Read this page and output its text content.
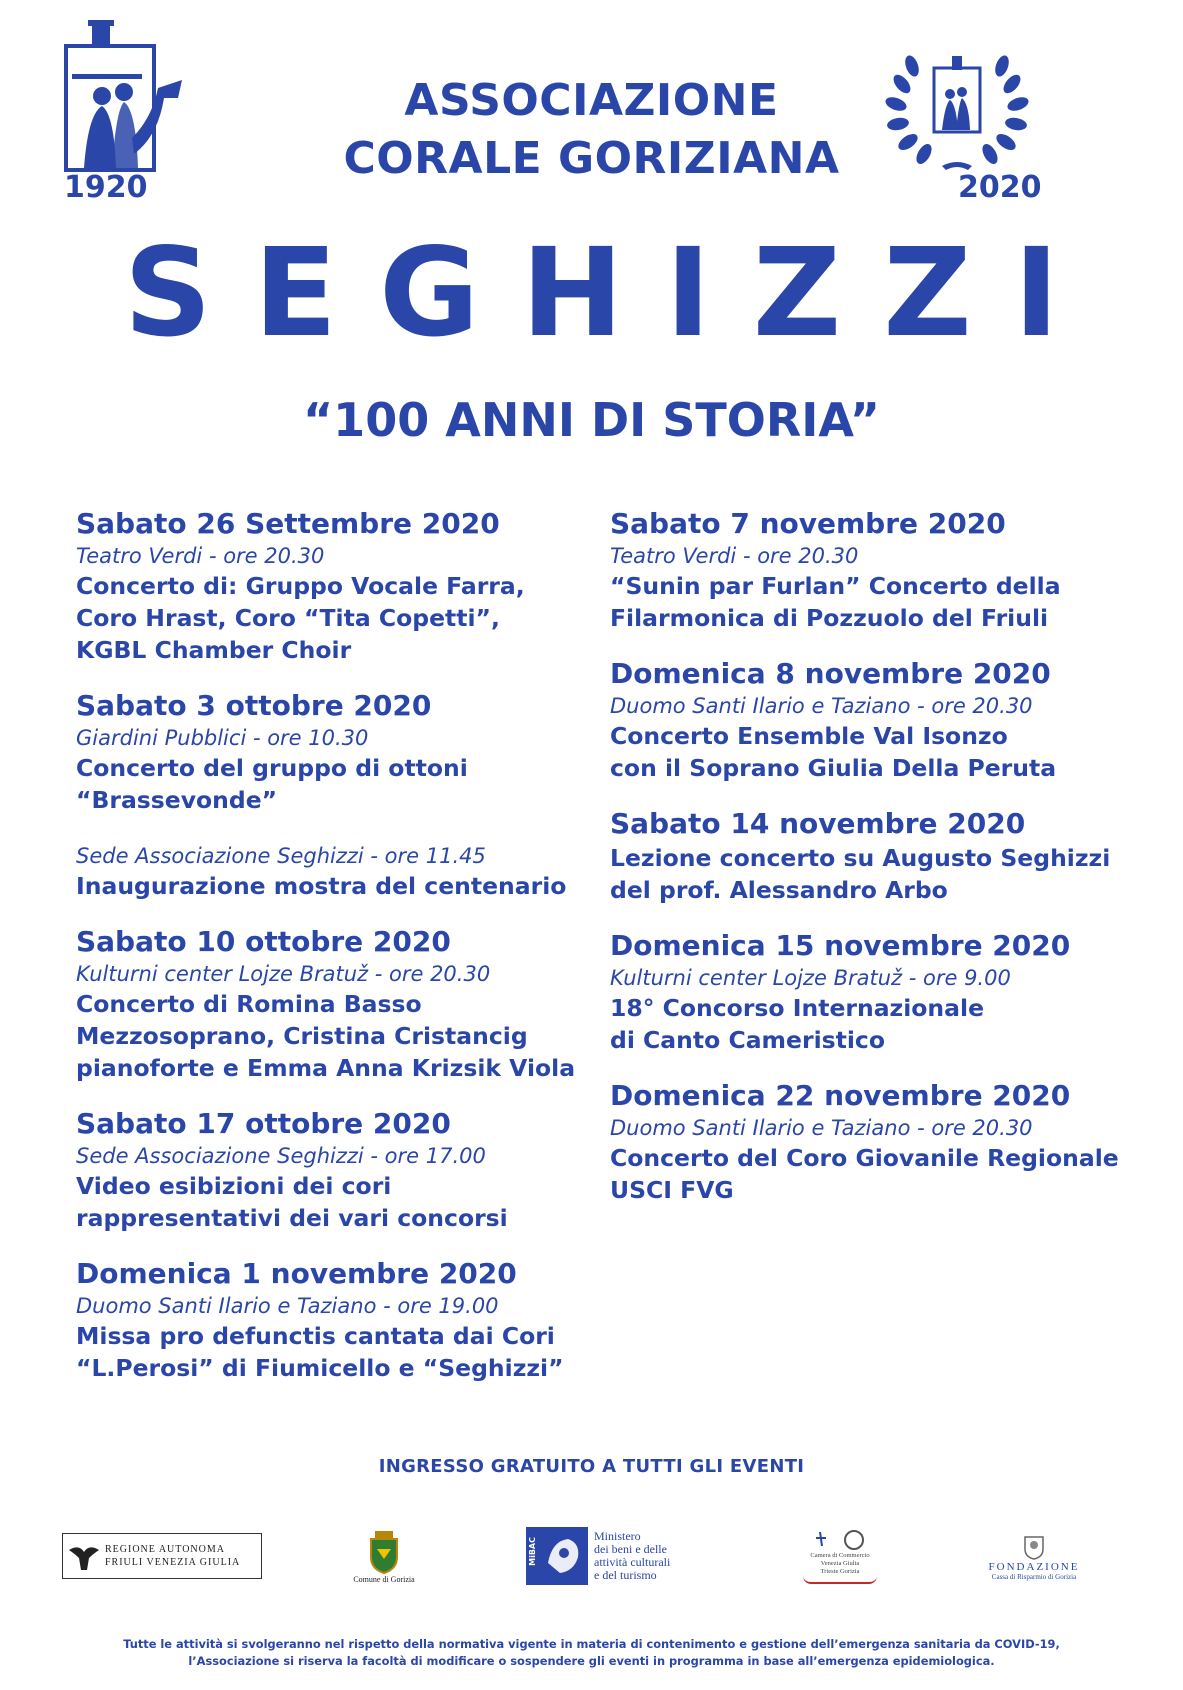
1920	2020
ASSOCIAZIONE
CORALE GORIZIANA
SEGHIZZI
“100 ANNI DI STORIA”
Sabato 26 Settembre 2020
Teatro Verdi - ore 20.30
Concerto di: Gruppo Vocale Farra,
Coro Hrast, Coro “Tita Copetti”,
KGBL Chamber Choir
Sabato 3 ottobre 2020
Giardini Pubblici - ore 10.30
Concerto del gruppo di ottoni
“Brassevonde”
Sede Associazione Seghizzi - ore 11.45
Inaugurazione mostra del centenario
Sabato 10 ottobre 2020
Kulturni center Lojze Bratuž - ore 20.30
Concerto di Romina Basso
Mezzosoprano, Cristina Cristancig
pianoforte e Emma Anna Krizsik Viola
Sabato 17 ottobre 2020
Sede Associazione Seghizzi - ore 17.00
Video esibizioni dei cori
rappresentativi dei vari concorsi
Domenica 1 novembre 2020
Duomo Santi Ilario e Taziano - ore 19.00
Missa pro defunctis cantata dai Cori
“L.Perosi” di Fiumicello e “Seghizzi”
Sabato 7 novembre 2020
Teatro Verdi - ore 20.30
“Sunin par Furlan” Concerto della
Filarmonica di Pozzuolo del Friuli
Domenica 8 novembre 2020
Duomo Santi Ilario e Taziano - ore 20.30
Concerto Ensemble Val Isonzo
con il Soprano Giulia Della Peruta
Sabato 14 novembre 2020
Lezione concerto su Augusto Seghizzi
del prof. Alessandro Arbo
Domenica 15 novembre 2020
Kulturni center Lojze Bratuž - ore 9.00
18° Concorso Internazionale
di Canto Cameristico
Domenica 22 novembre 2020
Duomo Santi Ilario e Taziano - ore 20.30
Concerto del Coro Giovanile Regionale
USCI FVG
INGRESSO GRATUITO A TUTTI GLI EVENTI
REGIONE AUTONOMA
FRIULI VENEZIA GIULIA
Comune di Gorizia
MiBAC
Ministero
dei beni e delle
attività culturali
e del turismo
Camera di Commercio
Venezia Giulia
Trieste Gorizia	FONDAZIONE
Cassa di Risparmio di Gorizia
Tutte le attività si svolgeranno nel rispetto della normativa vigente in materia di contenimento e gestione dell’emergenza sanitaria da COVID-19,
l’Associazione si riserva la facoltà di modificare o sospendere gli eventi in programma in base all’emergenza epidemiologica.
